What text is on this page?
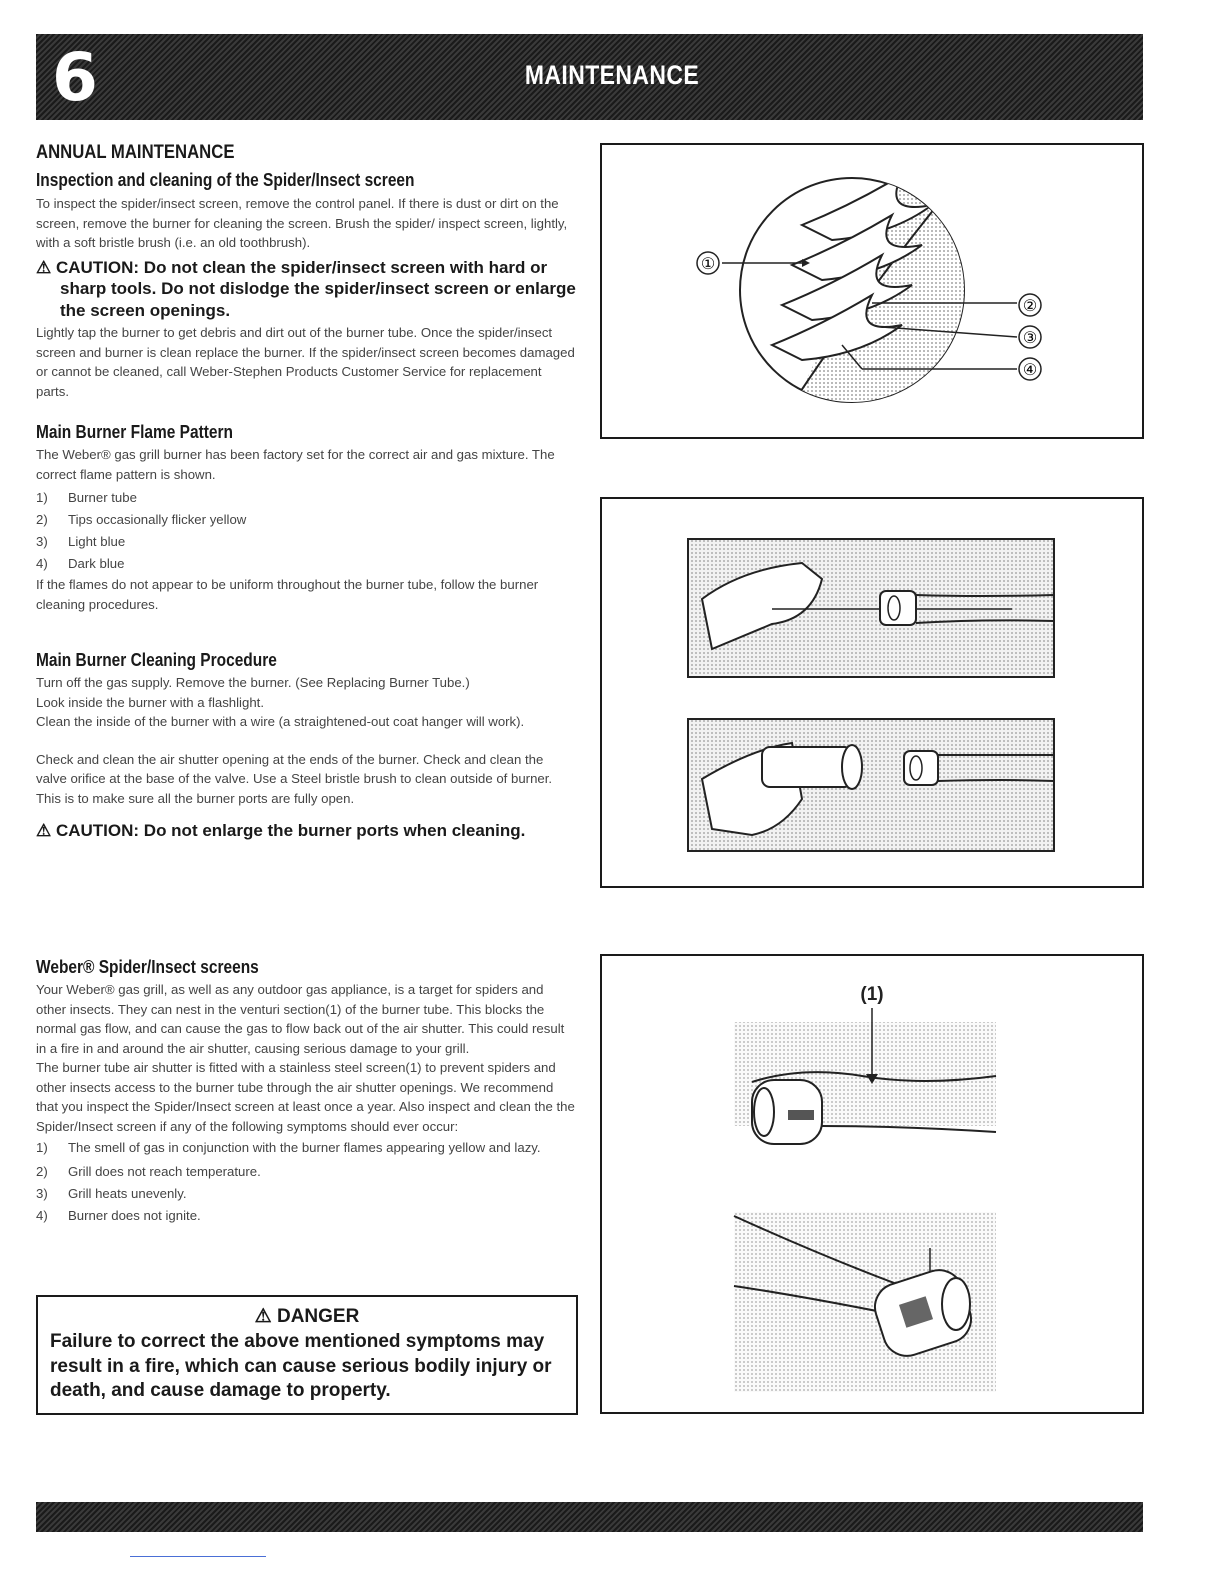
6	MAINTENANCE
ANNUAL MAINTENANCE
Inspection and cleaning of the Spider/Insect screen

To inspect the spider/insect screen, remove the control panel. If there is dust or dirt on the screen, remove the burner for cleaning the screen. Brush the spider/ inspect screen, lightly, with a soft bristle brush (i.e. an old toothbrush).

⚠ CAUTION: Do not clean the spider/insect screen with hard or sharp tools. Do not dislodge the spider/insect screen or enlarge the screen openings.

Lightly tap the burner to get debris and dirt out of the burner tube. Once the spider/insect screen and burner is clean replace the burner. If the spider/insect screen becomes damaged or cannot be cleaned, call Weber-Stephen Products Customer Service for replacement parts.

Main Burner Flame Pattern

The Weber® gas grill burner has been factory set for the correct air and gas mixture. The correct flame pattern is shown.

1) Burner tube
2) Tips occasionally flicker yellow
3) Light blue
4) Dark blue

If the flames do not appear to be uniform throughout the burner tube, follow the burner cleaning procedures.

Main Burner Cleaning Procedure

Turn off the gas supply. Remove the burner. (See Replacing Burner Tube.)

Look inside the burner with a flashlight.

Clean the inside of the burner with a wire (a straightened-out coat hanger will work).

Check and clean the air shutter opening at the ends of the burner. Check and clean the valve orifice at the base of the valve. Use a Steel bristle brush to clean outside of burner. This is to make sure all the burner ports are fully open.

⚠ CAUTION: Do not enlarge the burner ports when cleaning.
Weber® Spider/Insect screens

Your Weber® gas grill, as well as any outdoor gas appliance, is a target for spiders and other insects. They can nest in the venturi section(1) of the burner tube. This blocks the normal gas flow, and can cause the gas to flow back out of the air shutter. This could result in a fire in and around the air shutter, causing serious damage to your grill.

The burner tube air shutter is fitted with a stainless steel screen(1) to prevent spiders and other insects access to the burner tube through the air shutter openings. We recommend that you inspect the Spider/Insect screen at least once a year. Also inspect and clean the the Spider/Insect screen if any of the following symptoms should ever occur:

1) The smell of gas in conjunction with the burner flames appearing yellow and lazy.
2) Grill does not reach temperature.
3) Grill heats unevenly.
4) Burner does not ignite.
⚠ DANGER
Failure to correct the above mentioned symptoms may result in a fire, which can cause serious bodily injury or death, and cause damage to property.
①
②
③
④
(1)
